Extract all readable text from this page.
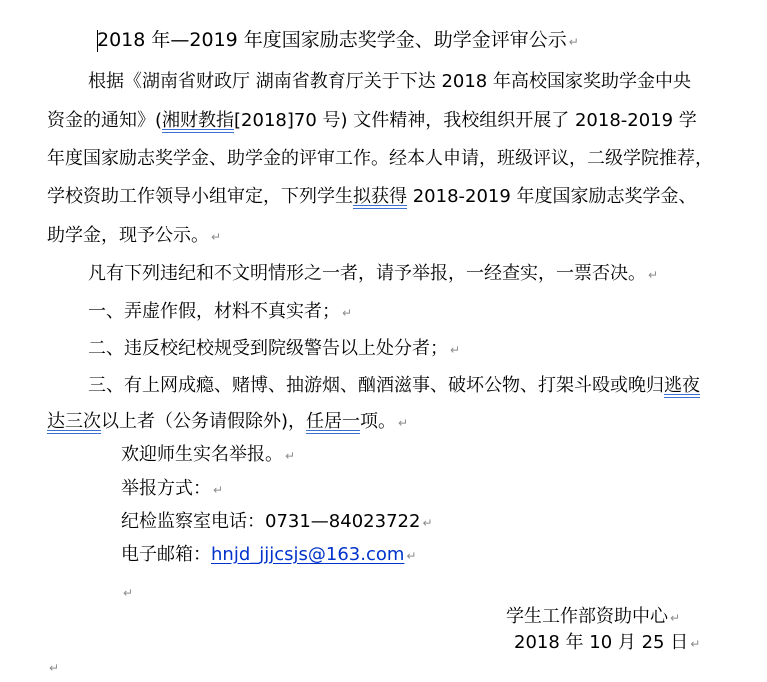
2018 年—2019 年度国家励志奖学金、助学金评审公示 ↵
根据《湖南省财政厅 湖南省教育厅关于下达 2018 年高校国家奖助学金中央
资金的通知》(湘财教指[2018]70 号) 文件精神，我校组织开展了 2018-2019 学
年度国家励志奖学金、助学金的评审工作。经本人申请，班级评议，二级学院推荐，
学校资助工作领导小组审定，下列学生拟获得 2018-2019 年度国家励志奖学金、
助学金，现予公示。 ↵
凡有下列违纪和不文明情形之一者，请予举报，一经查实，一票否决。 ↵
一、弄虚作假，材料不真实者； ↵
二、违反校纪校规受到院级警告以上处分者； ↵
三、有上网成瘾、赌博、抽游烟、酗酒滋事、破坏公物、打架斗殴或晚归逃夜
达三次以上者（公务请假除外)，任居一项。 ↵
欢迎师生实名举报。 ↵
举报方式： ↵
纪检监察室电话：0731—84023722 ↵
电子邮箱：hnjd_jjjcsjs@163.com ↵
↵
学生工作部资助中心 ↵
2018 年 10 月 25 日 ↵
↵
